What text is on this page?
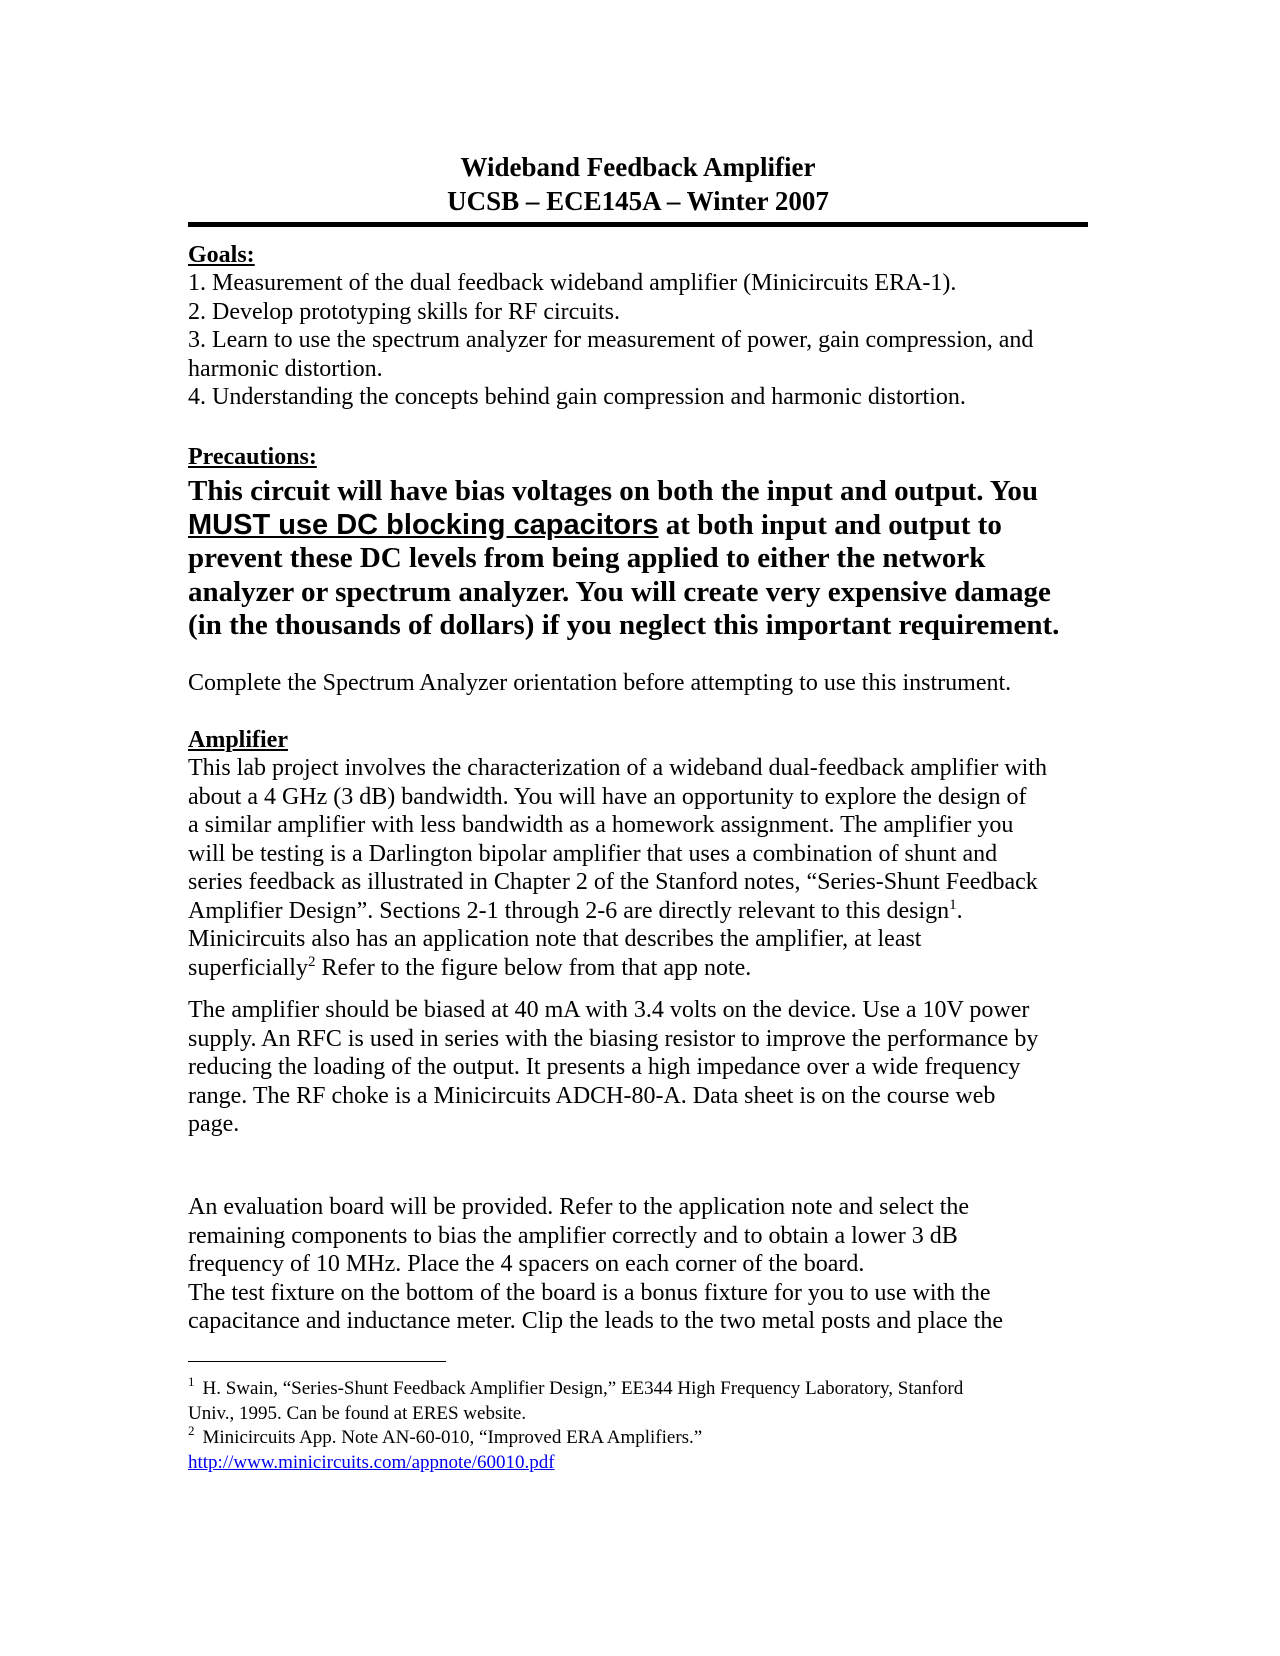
Wideband Feedback Amplifier
UCSB – ECE145A – Winter 2007
Goals:
1. Measurement of the dual feedback wideband amplifier (Minicircuits ERA-1).
2. Develop prototyping skills for RF circuits.
3. Learn to use the spectrum analyzer for measurement of power, gain compression, and
harmonic distortion.
4. Understanding the concepts behind gain compression and harmonic distortion.
Precautions:
This circuit will have bias voltages on both the input and output. You
MUST use DC blocking capacitors at both input and output to
prevent these DC levels from being applied to either the network
analyzer or spectrum analyzer. You will create very expensive damage
(in the thousands of dollars) if you neglect this important requirement.
Complete the Spectrum Analyzer orientation before attempting to use this instrument.
Amplifier
This lab project involves the characterization of a wideband dual-feedback amplifier with
about a 4 GHz (3 dB) bandwidth. You will have an opportunity to explore the design of
a similar amplifier with less bandwidth as a homework assignment. The amplifier you
will be testing is a Darlington bipolar amplifier that uses a combination of shunt and
series feedback as illustrated in Chapter 2 of the Stanford notes, “Series-Shunt Feedback
Amplifier Design”. Sections 2-1 through 2-6 are directly relevant to this design$^1$.
Minicircuits also has an application note that describes the amplifier, at least
superficially$^2$ Refer to the figure below from that app note.
The amplifier should be biased at 40 mA with 3.4 volts on the device. Use a 10V power
supply. An RFC is used in series with the biasing resistor to improve the performance by
reducing the loading of the output. It presents a high impedance over a wide frequency
range. The RF choke is a Minicircuits ADCH-80-A. Data sheet is on the course web
page.
An evaluation board will be provided. Refer to the application note and select the
remaining components to bias the amplifier correctly and to obtain a lower 3 dB
frequency of 10 MHz. Place the 4 spacers on each corner of the board.
The test fixture on the bottom of the board is a bonus fixture for you to use with the
capacitance and inductance meter. Clip the leads to the two metal posts and place the
$^1$ H. Swain, “Series-Shunt Feedback Amplifier Design,” EE344 High Frequency Laboratory, Stanford
Univ., 1995. Can be found at ERES website.
$^2$ Minicircuits App. Note AN-60-010, “Improved ERA Amplifiers.”
http://www.minicircuits.com/appnote/60010.pdf
